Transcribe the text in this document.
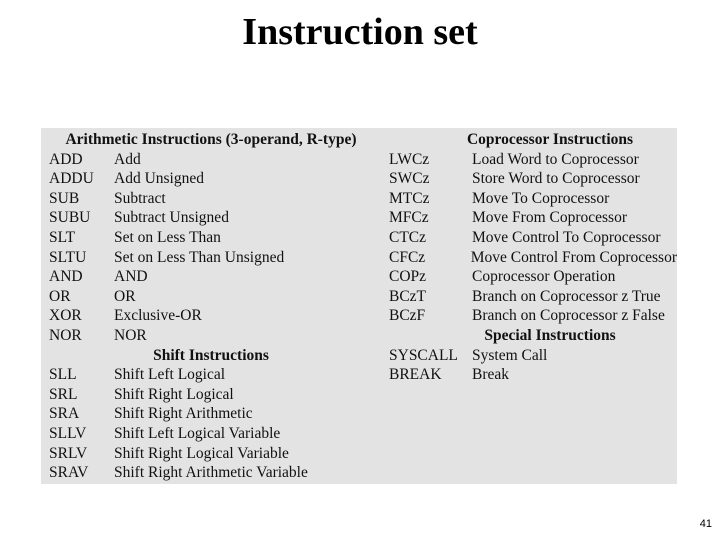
Instruction set
Arithmetic Instructions (3-operand, R-type)
ADD	Add
ADDU	Add Unsigned
SUB	Subtract
SUBU	Subtract Unsigned
SLT	Set on Less Than
SLTU	Set on Less Than Unsigned
AND	AND
OR	OR
XOR	Exclusive-OR
NOR	NOR
Shift Instructions
SLL	Shift Left Logical
SRL	Shift Right Logical
SRA	Shift Right Arithmetic
SLLV	Shift Left Logical Variable
SRLV	Shift Right Logical Variable
SRAV	Shift Right Arithmetic Variable
Coprocessor Instructions
LWCz	Load Word to Coprocessor
SWCz	Store Word to Coprocessor
MTCz	Move To Coprocessor
MFCz	Move From Coprocessor
CTCz	Move Control To Coprocessor
CFCz	Move Control From Coprocessor
COPz	Coprocessor Operation
BCzT	Branch on Coprocessor z True
BCzF	Branch on Coprocessor z False
Special Instructions
SYSCALL System Call
BREAK	Break
41
